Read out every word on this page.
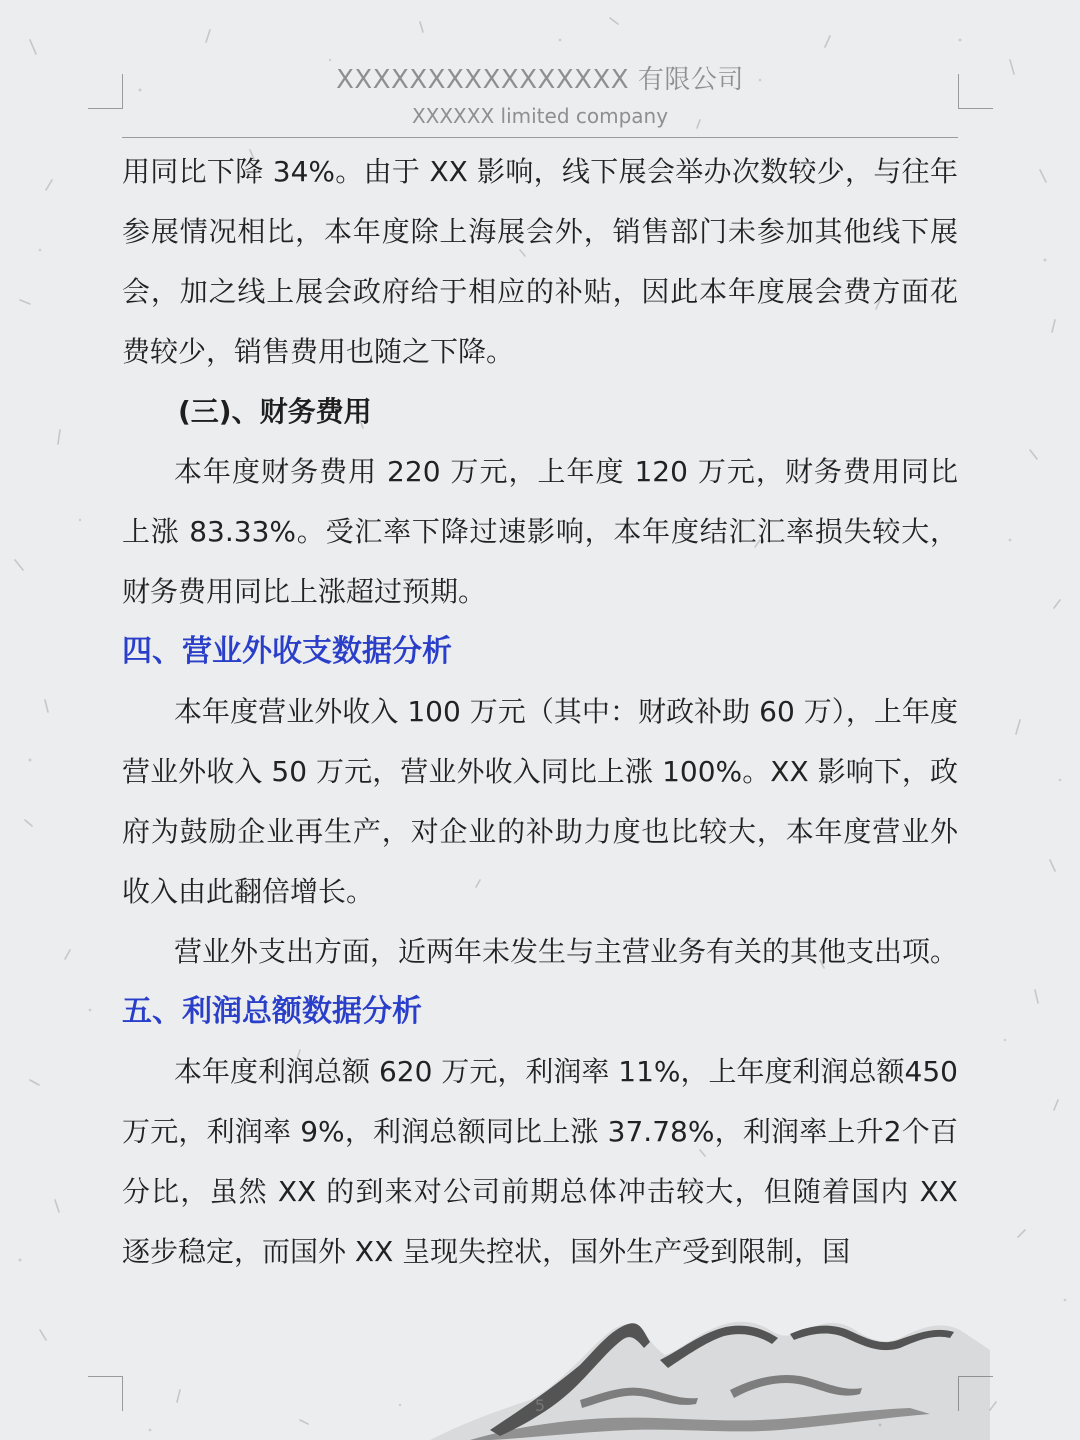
XXXXXXXXXXXXXXXX 有限公司
XXXXXX limited company

用同比下降 34%。由于 XX 影响，线下展会举办次数较少，与往年参展情况相比，本年度除上海展会外，销售部门未参加其他线下展会，加之线上展会政府给于相应的补贴，因此本年度展会费方面花费较少，销售费用也随之下降。

(三)、财务费用

本年度财务费用 220 万元，上年度 120 万元，财务费用同比上涨 83.33%。受汇率下降过速影响，本年度结汇汇率损失较大，财务费用同比上涨超过预期。

四、营业外收支数据分析

本年度营业外收入 100 万元（其中：财政补助 60 万），上年度营业外收入 50 万元，营业外收入同比上涨 100%。XX 影响下，政府为鼓励企业再生产，对企业的补助力度也比较大，本年度营业外收入由此翻倍增长。

营业外支出方面，近两年未发生与主营业务有关的其他支出项。

五、利润总额数据分析

本年度利润总额 620 万元，利润率 11%，上年度利润总额450 万元，利润率 9%，利润总额同比上涨 37.78%，利润率上升2个百分比，虽然 XX 的到来对公司前期总体冲击较大，但随着国内 XX 逐步稳定，而国外 XX 呈现失控状，国外生产受到限制，国

5
